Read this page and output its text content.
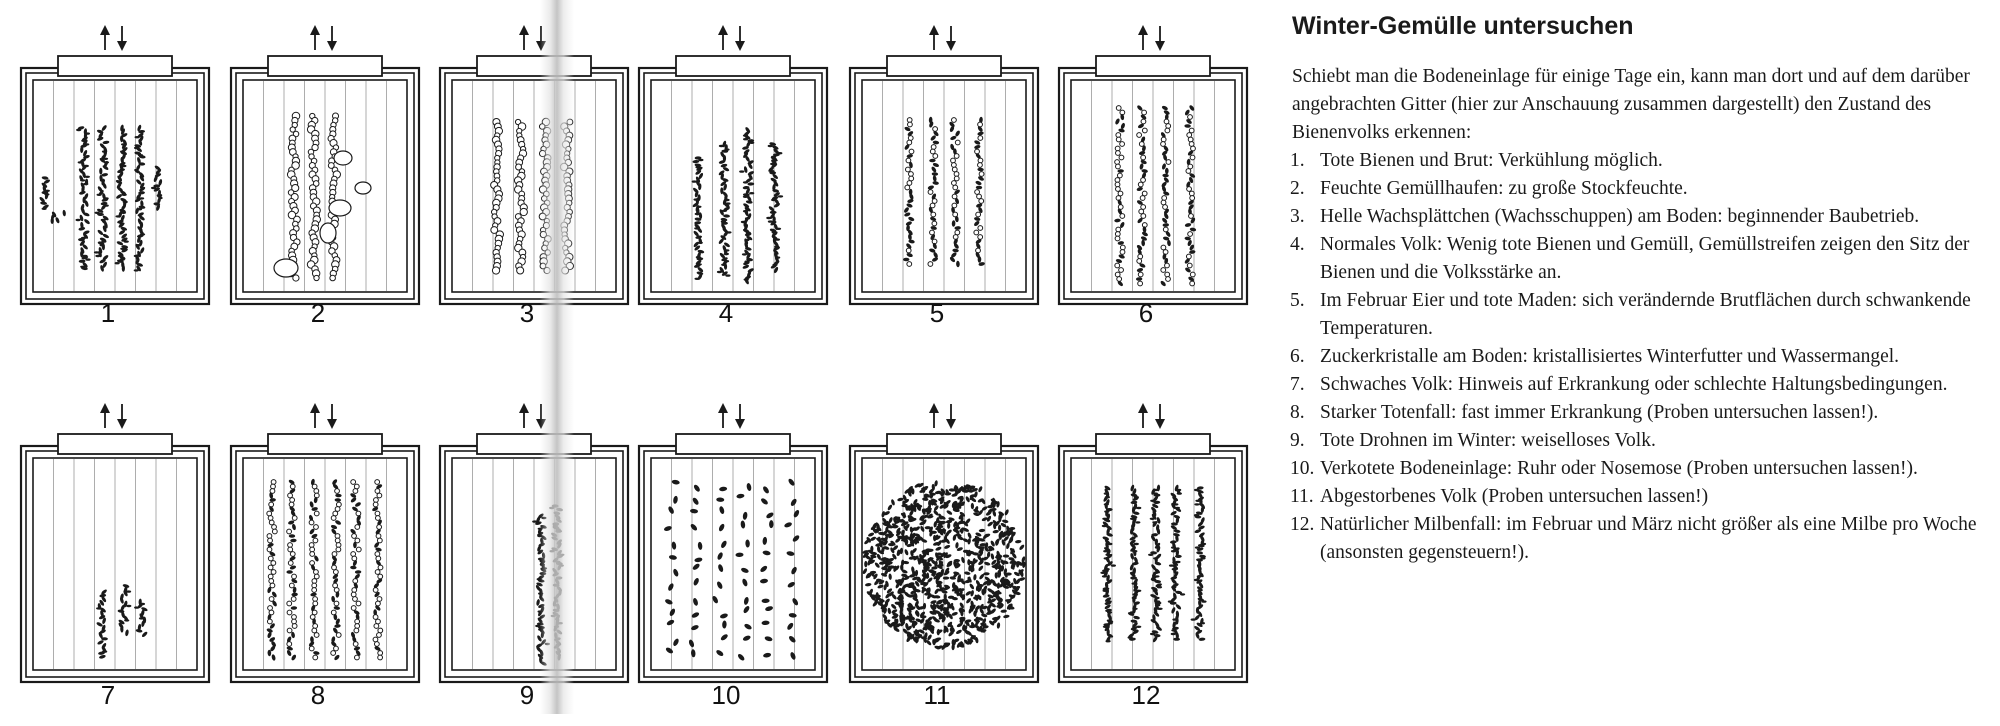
1	2	3	4	5	6
7	8	9	10	11	12
Winter-Gemülle untersuchen
Schiebt man die Bodeneinlage für einige Tage ein, kann man dort und auf dem darüber angebrachten Gitter (hier zur Anschauung zusammen dargestellt) den Zustand des Bienenvolks erkennen:
1. Tote Bienen und Brut: Verkühlung möglich.
2. Feuchte Gemüllhaufen: zu große Stockfeuchte.
3. Helle Wachsplättchen (Wachsschuppen) am Boden: beginnender Baubetrieb.
4. Normales Volk: Wenig tote Bienen und Gemüll, Gemüllstreifen zeigen den Sitz der Bienen und die Volksstärke an.
5. Im Februar Eier und tote Maden: sich verändernde Brutflächen durch schwankende Temperaturen.
6. Zuckerkristalle am Boden: kristallisiertes Winterfutter und Wassermangel.
7. Schwaches Volk: Hinweis auf Erkrankung oder schlechte Haltungsbedingungen.
8. Starker Totenfall: fast immer Erkrankung (Proben untersuchen lassen!).
9. Tote Drohnen im Winter: weiselloses Volk.
10. Verkotete Bodeneinlage: Ruhr oder Nosemose (Proben untersuchen lassen!).
11. Abgestorbenes Volk (Proben untersuchen lassen!)
12. Natürlicher Milbenfall: im Februar und März nicht größer als eine Milbe pro Woche (ansonsten gegensteuern!).
